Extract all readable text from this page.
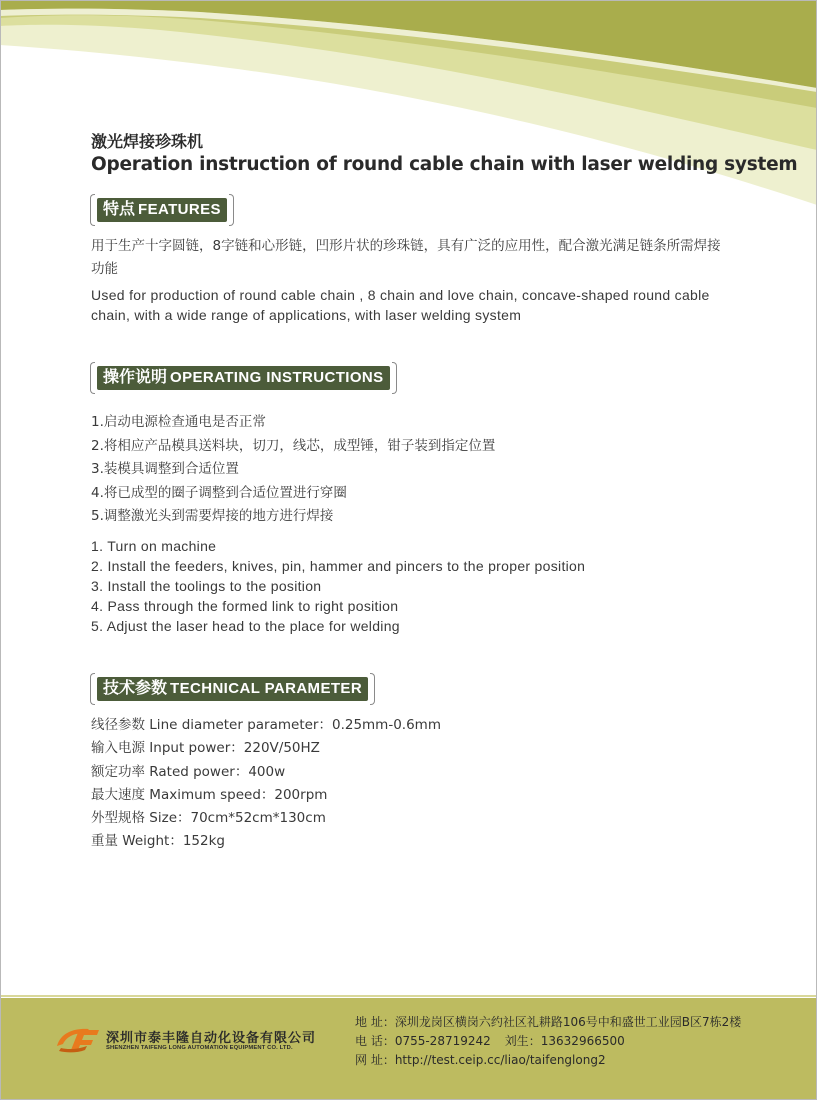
激光焊接珍珠机
Operation instruction of round cable chain with laser welding system
特点 FEATURES

用于生产十字圆链，8字链和心形链，凹形片状的珍珠链，具有广泛的应用性，配合激光满足链条所需焊接功能

Used for production of round cable chain , 8 chain and love chain, concave-shaped round cable chain, with a wide range of applications, with laser welding system

操作说明 OPERATING INSTRUCTIONS
1.启动电源检查通电是否正常
2.将相应产品模具送料块，切刀，线芯，成型锤，钳子装到指定位置
3.装模具调整到合适位置
4.将已成型的圈子调整到合适位置进行穿圈
5.调整激光头到需要焊接的地方进行焊接
1. Turn on machine
2. Install the feeders, knives, pin, hammer and pincers to the proper position
3. Install the toolings to the position
4. Pass through the formed link to right position
5. Adjust the laser head to the place for welding
技术参数 TECHNICAL PARAMETER
线径参数 Line diameter parameter：0.25mm-0.6mm
输入电源 Input power：220V/50HZ
额定功率 Rated power：400w
最大速度 Maximum speed：200rpm
外型规格 Size：70cm*52cm*130cm
重量 Weight：152kg
深圳市泰丰隆自动化设备有限公司
SHENZHEN TAIFENG LONG AUTOMATION EQUIPMENT CO. LTD.
地 址：深圳龙岗区横岗六约社区礼耕路106号中和盛世工业园B区7栋2楼
电 话：0755-28719242 刘生：13632966500
网 址：http://test.ceip.cc/liao/taifenglong2
